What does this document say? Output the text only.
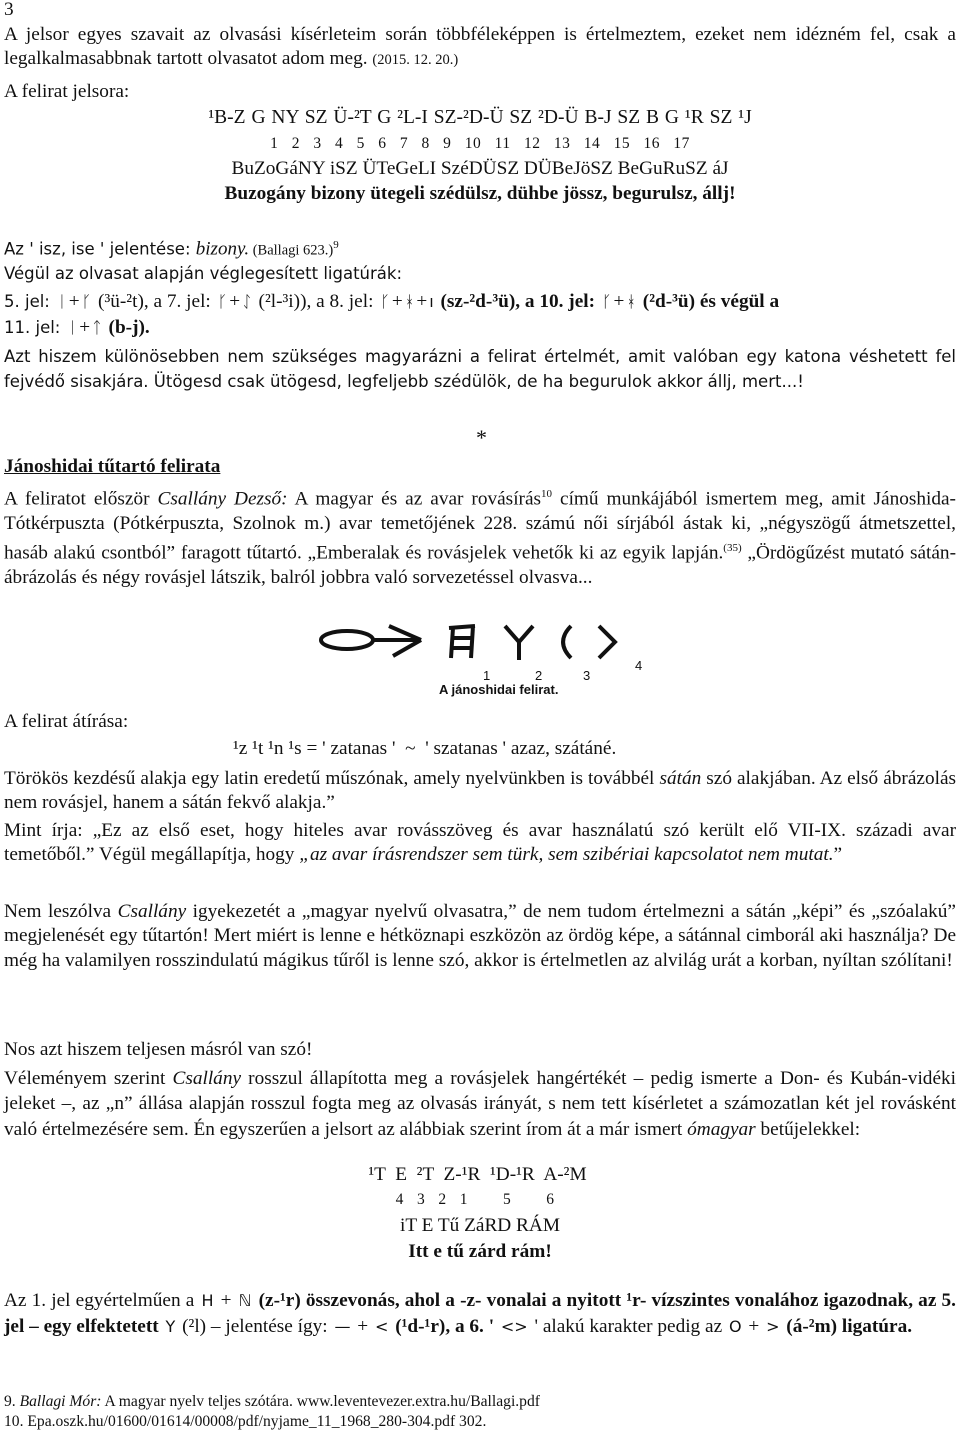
3

A jelsor egyes szavait az olvasási kísérleteim során többféleképpen is értelmeztem, ezeket nem idézném fel, csak a legalkalmasabbnak tartott olvasatot adom meg. (2015. 12. 20.)

A felirat jelsora:

¹B-Z G NY SZ Ü-²T G ²L-I SZ-²D-Ü SZ ²D-Ü B-J SZ B G ¹R SZ ¹J

1 2 3 4 5 6 7 8 9 10 11 12 13 14 15 16 17

BuZoGáNY iSZ ÜTeGeLI SzéDÜSZ DÜBeJöSZ BeGuRuSZ áJ

Buzogány bizony ütegeli szédülsz, dühbe jössz, begurulsz, állj!

Az ' isz, ise ' jelentése: bizony. (Ballagi 623.)$^9$

Végül az olvasat alapján véglegesített ligatúrák:

5. jel: ᛁ + ᚴ (³ü-²t), a 7. jel: ᚴ + ᛇ (²l-³i)), a 8. jel: ᚴ + ᚼ + ı (sz-²d-³ü), a 10. jel: ᚴ + ᚼ (²d-³ü) és végül a

11. jel: ᛁ + ᛏ (b-j).

Azt hiszem különösebben nem szükséges magyarázni a felirat értelmét, amit valóban egy katona véshetett fel fejvédő sisakjára. Ütögesd csak ütögesd, legfeljebb szédülök, de ha begurulok akkor állj, mert...!

*

Jánoshidai tűtartó felirata

A feliratot először Csallány Dezső: A magyar és az avar rovásírás$^{10}$ című munkájából ismertem meg, amit Jánoshida-Tótkérpuszta (Pótkérpuszta, Szolnok m.) avar temetőjének 228. számú női sírjából ástak ki, „négyszögű átmetszettel, hasáb alakú csontból” faragott tűtartó. „Emberalak és rovásjelek vehetők ki az egyik lapján.$^{(35)}$ „Ördögűzést mutató sátán-ábrázolás és négy rovásjel látszik, balról jobbra való sorvezetéssel olvasva...

1	2	3
4
A jánoshidai felirat.

A felirat átírása:

¹z ¹t ¹n ¹s = ' zatanas '  ~  ' szatanas ' azaz, szátáné.

Törökös kezdésű alakja egy latin eredetű műszónak, amely nyelvünkben is továbbél sátán szó alakjában. Az első ábrázolás nem rovásjel, hanem a sátán fekvő alakja.”

Mint írja: „Ez az első eset, hogy hiteles avar rovásszöveg és avar használatú szó került elő VII-IX. századi avar temetőből.” Végül megállapítja, hogy „az avar írásrendszer sem türk, sem szibériai kapcsolatot nem mutat.”

Nem leszólva Csallány igyekezetét a „magyar nyelvű olvasatra,” de nem tudom értelmezni a sátán „képi” és „szóalakú” megjelenését egy tűtartón! Mert miért is lenne e hétköznapi eszközön az ördög képe, a sátánnal cimborál aki használja? De még ha valamilyen rosszindulatú mágikus tűről is lenne szó, akkor is értelmetlen az alvilág urát a korban, nyíltan szólítani!

Nos azt hiszem teljesen másról van szó!

Véleményem szerint Csallány rosszul állapította meg a rovásjelek hangértékét – pedig ismerte a Don- és Kubán-vidéki jeleket –, az „n” állása alapján rosszul fogta meg az olvasás irányát, s nem tett kísérletet a számozatlan két jel rovásként való értelmezésére sem. Én egyszerűen a jelsort az alábbiak szerint írom át a már ismert ómagyar betűjelekkel:

¹T  E  ²T  Z-¹R  ¹D-¹R  A-²M

4   3   2   1        5        6

iT E Tű ZáRD RÁM

Itt e tű zárd rám!

Az 1. jel egyértelműen a H + ℕ (z-¹r) összevonás, ahol a -z- vonalai a nyitott ¹r- vízszintes vonalához igazodnak, az 5. jel – egy elfektetett Y (²l) – jelentése így: — + < (¹d-¹r), a 6. ' <> ' alakú karakter pedig az O + > (á-²m) ligatúra.

9. Ballagi Mór: A magyar nyelv teljes szótára. www.leventevezer.extra.hu/Ballagi.pdf

10. Epa.oszk.hu/01600/01614/00008/pdf/nyjame_11_1968_280-304.pdf 302.
